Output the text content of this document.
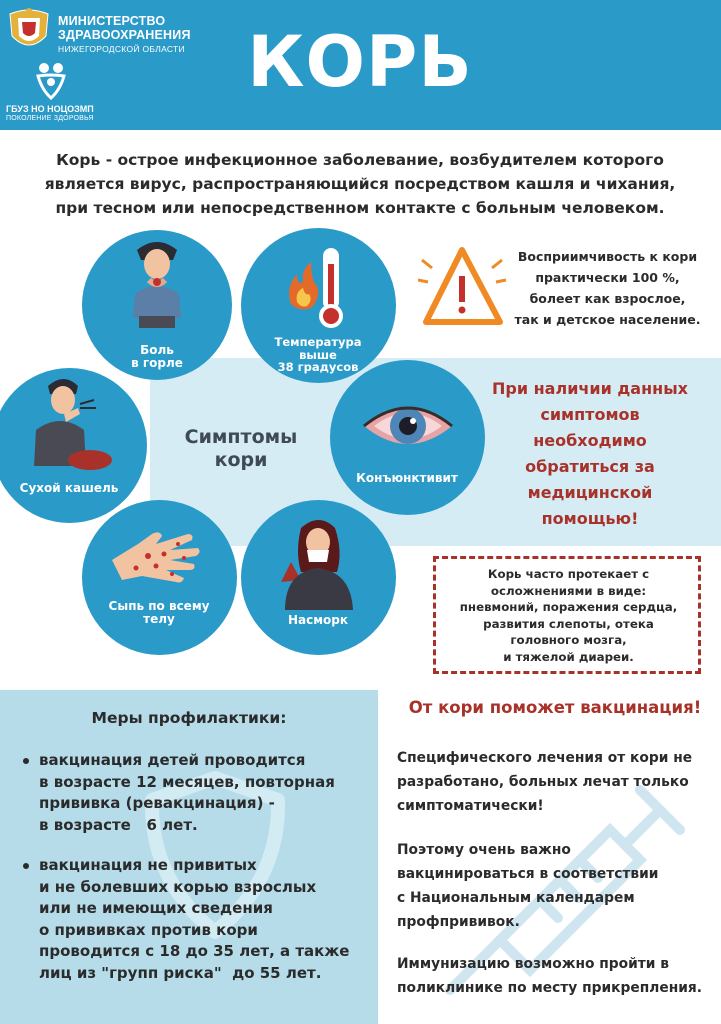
МИНИСТЕРСТВО
ЗДРАВООХРАНЕНИЯ
НИЖЕГОРОДСКОЙ ОБЛАСТИ
ГБУЗ НО НОЦОЗМП
ПОКОЛЕНИЕ ЗДОРОВЬЯ
КОРЬ
Корь - острое инфекционное заболевание, возбудителем которого
является вирус, распространяющийся посредством кашля и чихания,
при тесном или непосредственном контакте с больным человеком.
Симптомы
кори
Боль
в горле
Температура
выше
38 градусов
Конъюнктивит
Сухой кашель
Сыпь по всему
телу	Насморк
Восприимчивость к кори
практически 100 %,
болеет как взрослое,
так и детское население.
При наличии данных
симптомов
необходимо
обратиться за
медицинской
помощью!
Корь часто протекает с
осложнениями в виде:
пневмоний, поражения сердца,
развития слепоты, отека
головного мозга,
и тяжелой диареи.
Меры профилактики:
вакцинация детей проводится
в возрасте 12 месяцев, повторная
прививка (ревакцинация) -
в возрасте   6 лет.
вакцинация не привитых
и не болевших корью взрослых
или не имеющих сведения
о прививках против кори
проводится с 18 до 35 лет, а также
лиц из "групп риска"  до 55 лет.
От кори поможет вакцинация!
Специфического лечения от кори не
разработано, больных лечат только
симптоматически!
Поэтому очень важно
вакцинироваться в соответствии
с Национальным календарем
профпрививок.
Иммунизацию возможно пройти в
поликлинике по месту прикрепления.
